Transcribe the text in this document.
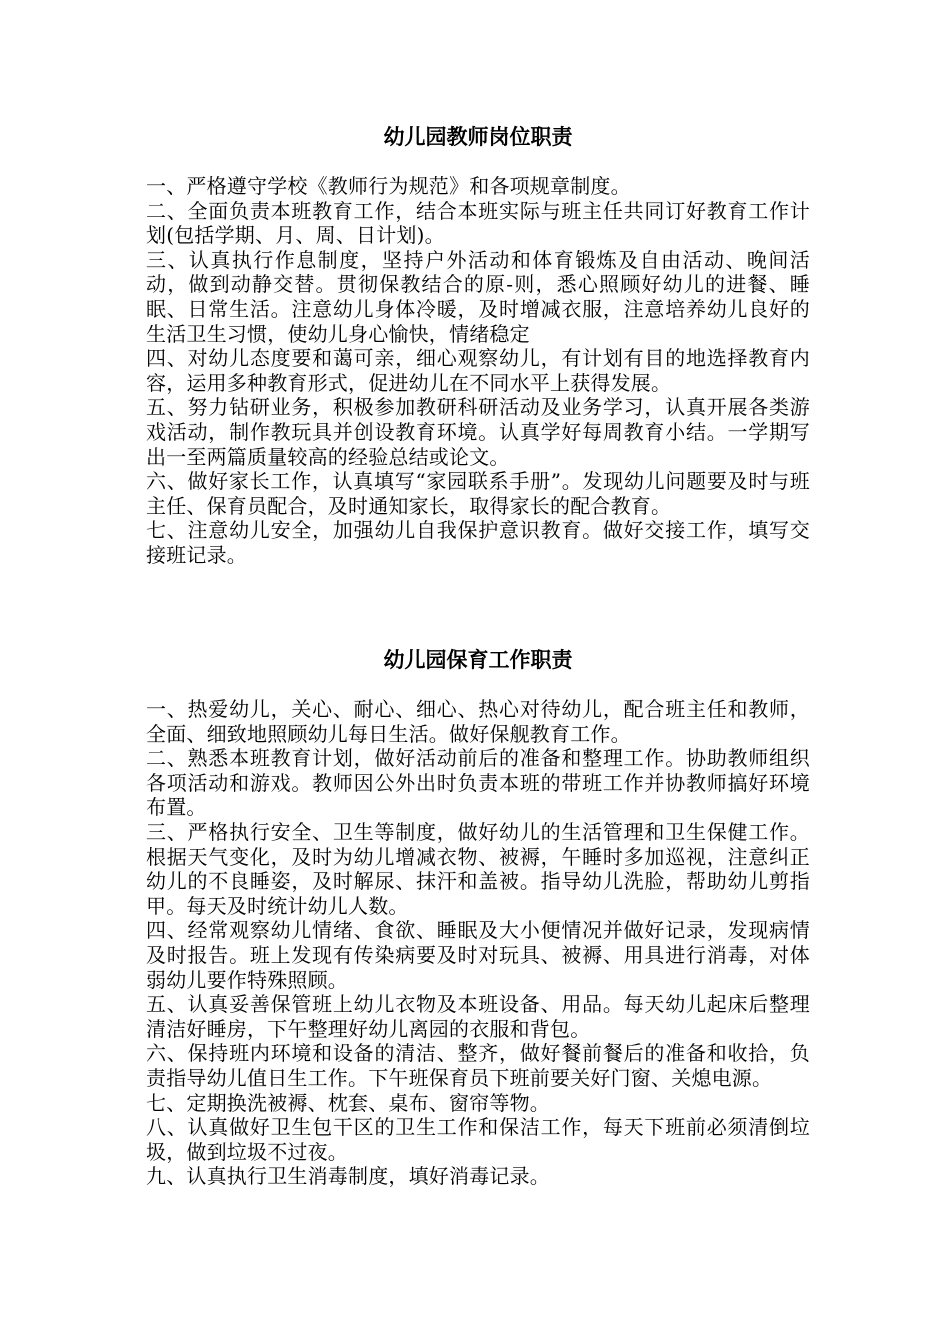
幼儿园教师岗位职责

一、严格遵守学校《教师行为规范》和各项规章制度。

二、全面负责本班教育工作，结合本班实际与班主任共同订好教育工作计划(包括学期、月、周、日计划)。

三、认真执行作息制度，坚持户外活动和体育锻炼及自由活动、晚间活动，做到动静交替。贯彻保教结合的原-则，悉心照顾好幼儿的进餐、睡眠、日常生活。注意幼儿身体冷暖，及时增减衣服，注意培养幼儿良好的生活卫生习惯，使幼儿身心愉快，情绪稳定

四、对幼儿态度要和蔼可亲，细心观察幼儿，有计划有目的地选择教育内容，运用多种教育形式，促进幼儿在不同水平上获得发展。

五、努力钻研业务，积极参加教研科研活动及业务学习，认真开展各类游戏活动，制作教玩具并创设教育环境。认真学好每周教育小结。一学期写出一至两篇质量较高的经验总结或论文。

六、做好家长工作，认真填写“家园联系手册”。发现幼儿问题要及时与班主任、保育员配合，及时通知家长，取得家长的配合教育。

七、注意幼儿安全，加强幼儿自我保护意识教育。做好交接工作，填写交接班记录。

幼儿园保育工作职责

一、热爱幼儿，关心、耐心、细心、热心对待幼儿，配合班主任和教师，全面、细致地照顾幼儿每日生活。做好保舰教育工作。

二、熟悉本班教育计划，做好活动前后的准备和整理工作。协助教师组织各项活动和游戏。教师因公外出时负责本班的带班工作并协教师搞好环境布置。

三、严格执行安全、卫生等制度，做好幼儿的生活管理和卫生保健工作。根据天气变化，及时为幼儿增减衣物、被褥，午睡时多加巡视，注意纠正幼儿的不良睡姿，及时解尿、抹汗和盖被。指导幼儿洗脸，帮助幼儿剪指甲。每天及时统计幼儿人数。

四、经常观察幼儿情绪、食欲、睡眠及大小便情况并做好记录，发现病情及时报告。班上发现有传染病要及时对玩具、被褥、用具进行消毒，对体弱幼儿要作特殊照顾。

五、认真妥善保管班上幼儿衣物及本班设备、用品。每天幼儿起床后整理清洁好睡房，下午整理好幼儿离园的衣服和背包。

六、保持班内环境和设备的清洁、整齐，做好餐前餐后的准备和收拾，负责指导幼儿值日生工作。下午班保育员下班前要关好门窗、关熄电源。

七、定期换洗被褥、枕套、桌布、窗帘等物。

八、认真做好卫生包干区的卫生工作和保洁工作，每天下班前必须清倒垃圾，做到垃圾不过夜。

九、认真执行卫生消毒制度，填好消毒记录。
